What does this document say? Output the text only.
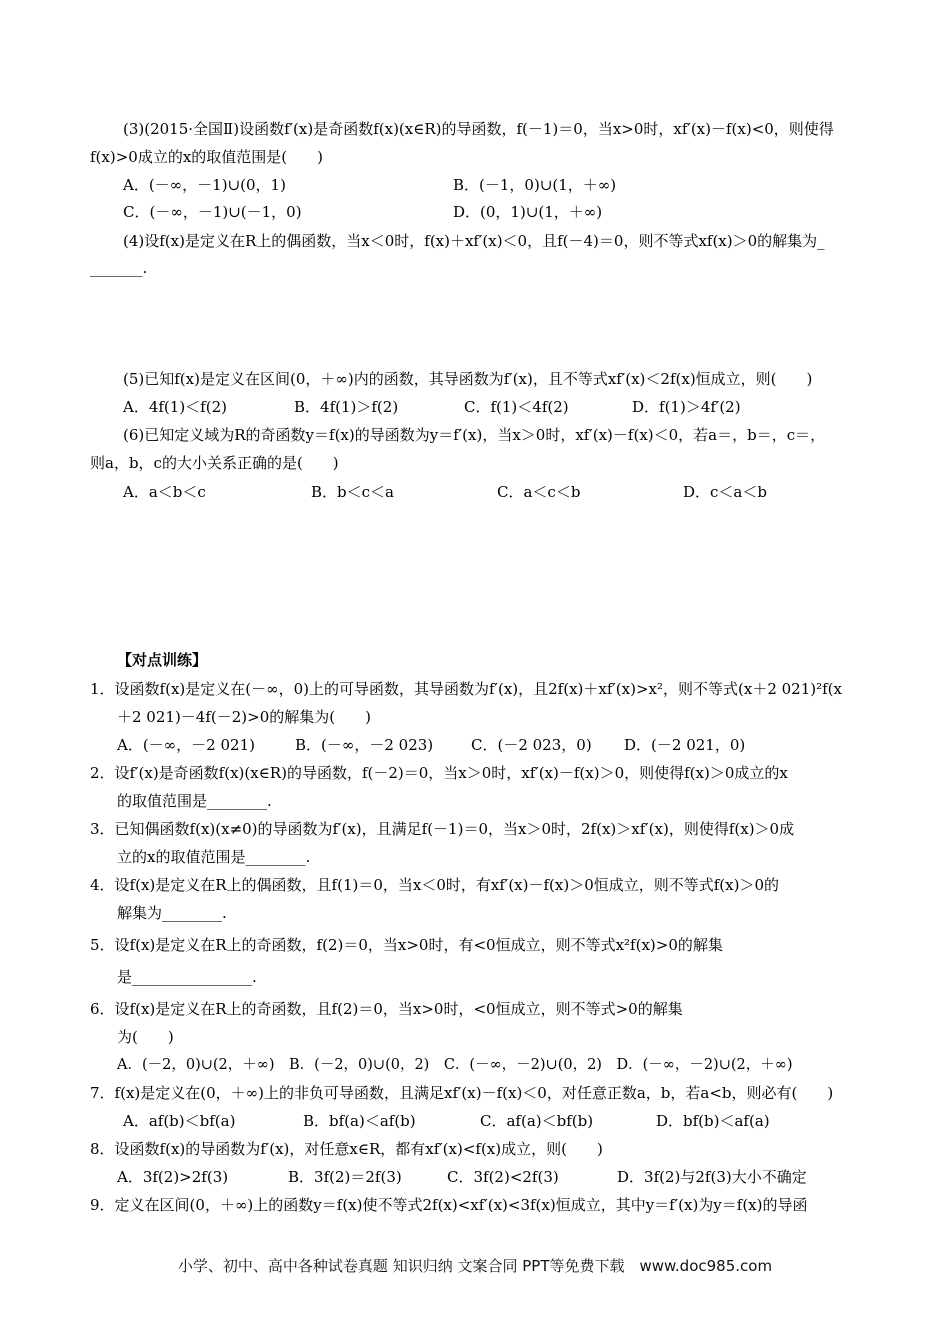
(3)(2015·全国Ⅱ)设函数f′(x)是奇函数f(x)(x∈R)的导函数，f(－1)＝0，当x>0时，xf′(x)－f(x)<0，则使得
f(x)>0成立的x的取值范围是(　　)
A．(－∞，－1)∪(0，1)	B．(－1，0)∪(1，＋∞)
C．(－∞，－1)∪(－1，0)	D．(0，1)∪(1，＋∞)
(4)设f(x)是定义在R上的偶函数，当x＜0时，f(x)＋xf′(x)＜0，且f(－4)＝0，则不等式xf(x)＞0的解集为_
_______.
(5)已知f(x)是定义在区间(0，＋∞)内的函数，其导函数为f′(x)，且不等式xf′(x)＜2f(x)恒成立，则(　　)
A．4f(1)＜f(2)	B．4f(1)＞f(2)	C．f(1)＜4f(2)	D．f(1)＞4f′(2)
(6)已知定义域为R的奇函数y＝f(x)的导函数为y＝f′(x)，当x＞0时，xf′(x)－f(x)＜0，若a＝，b＝，c＝，
则a，b，c的大小关系正确的是(　　)
A．a＜b＜c	B．b＜c＜a	C．a＜c＜b	D．c＜a＜b
【对点训练】
1．设函数f(x)是定义在(－∞，0)上的可导函数，其导函数为f′(x)，且2f(x)＋xf′(x)>x²，则不等式(x＋2 021)²f(x
＋2 021)－4f(－2)>0的解集为(　　)
A．(－∞，－2 021)	B．(－∞，－2 023)	C．(－2 023，0) D．(－2 021，0)
2．设f′(x)是奇函数f(x)(x∈R)的导函数，f(－2)＝0，当x＞0时，xf′(x)－f(x)＞0，则使得f(x)＞0成立的x
的取值范围是________.
3．已知偶函数f(x)(x≠0)的导函数为f′(x)，且满足f(－1)＝0，当x＞0时，2f(x)＞xf′(x)，则使得f(x)＞0成
立的x的取值范围是________.
4．设f(x)是定义在R上的偶函数，且f(1)＝0，当x＜0时，有xf′(x)－f(x)＞0恒成立，则不等式f(x)＞0的
解集为________.
5．设f(x)是定义在R上的奇函数，f(2)＝0，当x>0时，有<0恒成立，则不等式x²f(x)>0的解集
是________________.
6．设f(x)是定义在R上的奇函数，且f(2)＝0，当x>0时，<0恒成立，则不等式>0的解集
为(　　)
A．(－2，0)∪(2，＋∞)　B．(－2，0)∪(0，2)　C．(－∞，－2)∪(0，2)　D．(－∞，－2)∪(2，＋∞)
7．f(x)是定义在(0，＋∞)上的非负可导函数，且满足xf′(x)－f(x)＜0，对任意正数a，b，若a<b，则必有(　　)
A．af(b)＜bf(a)	B．bf(a)＜af(b)	C．af(a)＜bf(b)	D．bf(b)＜af(a)
8．设函数f(x)的导函数为f′(x)，对任意x∈R，都有xf′(x)<f(x)成立，则(　　)
A．3f(2)>2f(3)	B．3f(2)＝2f(3)	C．3f(2)<2f(3)	D．3f(2)与2f(3)大小不确定
9．定义在区间(0，＋∞)上的函数y＝f(x)使不等式2f(x)<xf′(x)<3f(x)恒成立，其中y＝f′(x)为y＝f(x)的导函
小学、初中、高中各种试卷真题 知识归纳 文案合同 PPT等免费下载　www.doc985.com
